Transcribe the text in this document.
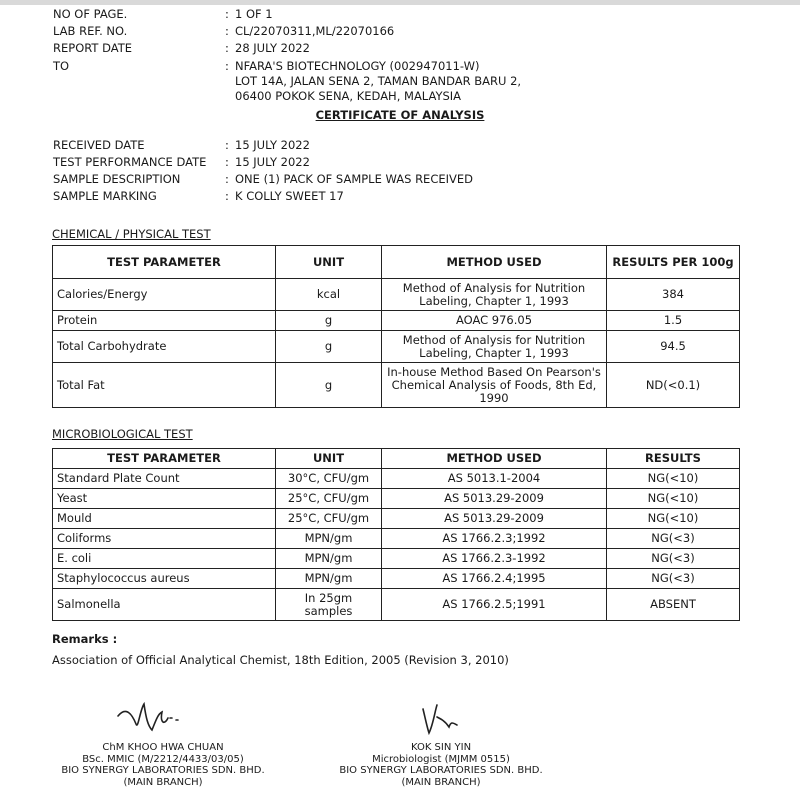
NO OF PAGE.	: 1 OF 1
LAB REF. NO.	: CL/22070311,ML/22070166
REPORT DATE	: 28 JULY 2022
TO	: NFARA'S BIOTECHNOLOGY (002947011-W)
LOT 14A, JALAN SENA 2, TAMAN BANDAR BARU 2,
06400 POKOK SENA, KEDAH, MALAYSIA
CERTIFICATE OF ANALYSIS
RECEIVED DATE	: 15 JULY 2022
TEST PERFORMANCE DATE : 15 JULY 2022
SAMPLE DESCRIPTION	: ONE (1) PACK OF SAMPLE WAS RECEIVED
SAMPLE MARKING	: K COLLY SWEET 17
CHEMICAL / PHYSICAL TEST
TEST PARAMETER	UNIT	METHOD USED	RESULTS PER 100g
Calories/Energy	kcal	Method of Analysis for Nutrition Labeling, Chapter 1, 1993	384
Protein	g	AOAC 976.05	1.5
Total Carbohydrate	g	Method of Analysis for Nutrition Labeling, Chapter 1, 1993	94.5
Total Fat	g	In-house Method Based On Pearson's Chemical Analysis of Foods, 8th Ed, 1990	ND(<0.1)
MICROBIOLOGICAL TEST
TEST PARAMETER	UNIT	METHOD USED	RESULTS
Standard Plate Count	30°C, CFU/gm	AS 5013.1-2004	NG(<10)
Yeast	25°C, CFU/gm	AS 5013.29-2009	NG(<10)
Mould	25°C, CFU/gm	AS 5013.29-2009	NG(<10)
Coliforms	MPN/gm	AS 1766.2.3;1992	NG(<3)
E. coli	MPN/gm	AS 1766.2.3-1992	NG(<3)
Staphylococcus aureus	MPN/gm	AS 1766.2.4;1995	NG(<3)
Salmonella	In 25gm samples	AS 1766.2.5;1991	ABSENT
Remarks :
Association of Official Analytical Chemist, 18th Edition, 2005 (Revision 3, 2010)
ChM KHOO HWA CHUAN
BSc. MMIC (M/2212/4433/03/05)
BIO SYNERGY LABORATORIES SDN. BHD.
(MAIN BRANCH)
KOK SIN YIN
Microbiologist (MJMM 0515)
BIO SYNERGY LABORATORIES SDN. BHD.
(MAIN BRANCH)
